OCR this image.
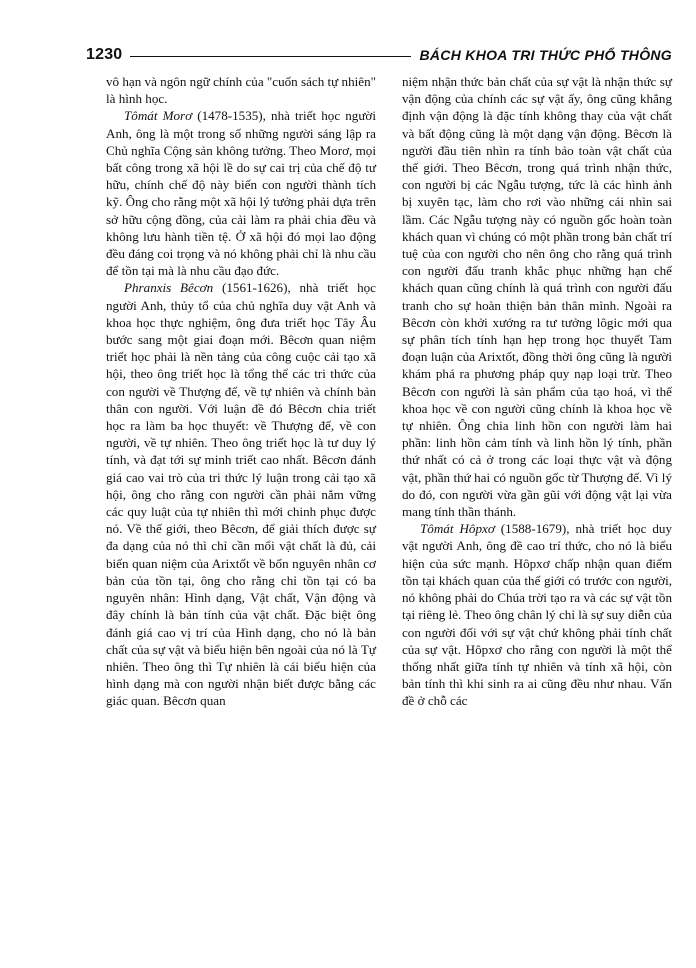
1230	BÁCH KHOA TRI THỨC PHỔ THÔNG

vô hạn và ngôn ngữ chính của "cuốn sách tự nhiên" là hình học.

Tômát Morơ (1478-1535), nhà triết học người Anh, ông là một trong số những người sáng lập ra Chủ nghĩa Cộng sản không tưởng. Theo Morơ, mọi bất công trong xã hội lề do sự cai trị của chế độ tư hữu, chính chế độ này biến con người thành tích kỹ. Ông cho rằng một xã hội lý tưởng phải dựa trên sở hữu cộng đồng, của cải làm ra phải chia đều và không lưu hành tiền tệ. Ở xã hội đó mọi lao động đều đáng coi trọng và nó không phải chỉ là nhu cầu để tồn tại mà là nhu cầu đạo đức.

Phranxis Bêcơn (1561-1626), nhà triết học người Anh, thủy tổ của chủ nghĩa duy vật Anh và khoa học thực nghiệm, ông đưa triết học Tây Âu bước sang một giai đoạn mới. Bêcơn quan niệm triết học phải là nền tảng của công cuộc cải tạo xã hội, theo ông triết học là tổng thể các tri thức của con người về Thượng đế, về tự nhiên và chính bản thân con người. Với luận đề đó Bêcơn chia triết học ra làm ba học thuyết: về Thượng đế, về con người, về tự nhiên. Theo ông triết học là tư duy lý tính, và đạt tới sự minh triết cao nhất. Bêcơn đánh giá cao vai trò của tri thức lý luận trong cải tạo xã hội, ông cho rằng con người cần phải nắm vững các quy luật của tự nhiên thì mới chinh phục được nó. Về thế giới, theo Bêcơn, để giải thích được sự đa dạng của nó thì chỉ cần mổi vật chất là đủ, cải biến quan niệm của Arixtốt về bốn nguyên nhân cơ bản của tồn tại, ông cho rằng chỉ tồn tại có ba nguyên nhân: Hình dạng, Vật chất, Vận động và đây chính là bản tính của vật chất. Đặc biệt ông đánh giá cao vị trí của Hình dạng, cho nó là bản chất của sự vật và biểu hiện bên ngoài của nó là Tự nhiên. Theo ông thì Tự nhiên là cái biểu hiện của hình dạng mà con người nhận biết được bằng các giác quan. Bêcơn quan

niệm nhận thức bản chất của sự vật là nhận thức sự vận động của chính các sự vật ấy, ông cũng khẳng định vận động là đặc tính không thay của vật chất và bất động cũng là một dạng vận động. Bêcơn là người đầu tiên nhìn ra tính bảo toàn vật chất của thế giới. Theo Bêcơn, trong quá trình nhận thức, con người bị các Ngẫu tượng, tức là các hình ảnh bị xuyên tạc, làm cho rơi vào những cái nhìn sai lầm. Các Ngẫu tượng này có nguồn gốc hoàn toàn khách quan vì chúng có một phần trong bản chất trí tuệ của con người cho nên ông cho rằng quá trình con người đấu tranh khắc phục những hạn chế khách quan cũng chính là quá trình con người đấu tranh cho sự hoàn thiện bản thân mình. Ngoài ra Bêcơn còn khởi xướng ra tư tưởng lôgic mới qua sự phân tích tính hạn hẹp trong học thuyết Tam đoạn luận của Arixtốt, đồng thời ông cũng là người khám phá ra phương pháp quy nạp loại trừ. Theo Bêcơn con người là sản phẩm của tạo hoá, vì thế khoa học về con người cũng chính là khoa học về tự nhiên. Ông chia linh hồn con người làm hai phần: linh hồn cảm tính và linh hồn lý tính, phần thứ nhất có cả ở trong các loại thực vật và động vật, phần thứ hai có nguồn gốc từ Thượng đế. Vì lý do đó, con người vừa gần gũi với động vật lại vừa mang tính thần thánh.

Tômát Hôpxơ (1588-1679), nhà triết học duy vật người Anh, ông đề cao trí thức, cho nó là biểu hiện của sức mạnh. Hôpxơ chấp nhận quan điểm tồn tại khách quan của thế giới có trước con người, nó không phải do Chúa trời tạo ra và các sự vật tồn tại riêng lẻ. Theo ông chân lý chỉ là sự suy diễn của con người đối với sự vật chứ không phải tính chất của sự vật. Hôpxơ cho rằng con người là một thể thống nhất giữa tính tự nhiên và tính xã hội, còn bản tính thì khi sinh ra ai cũng đều như nhau. Vấn đề ở chỗ các
